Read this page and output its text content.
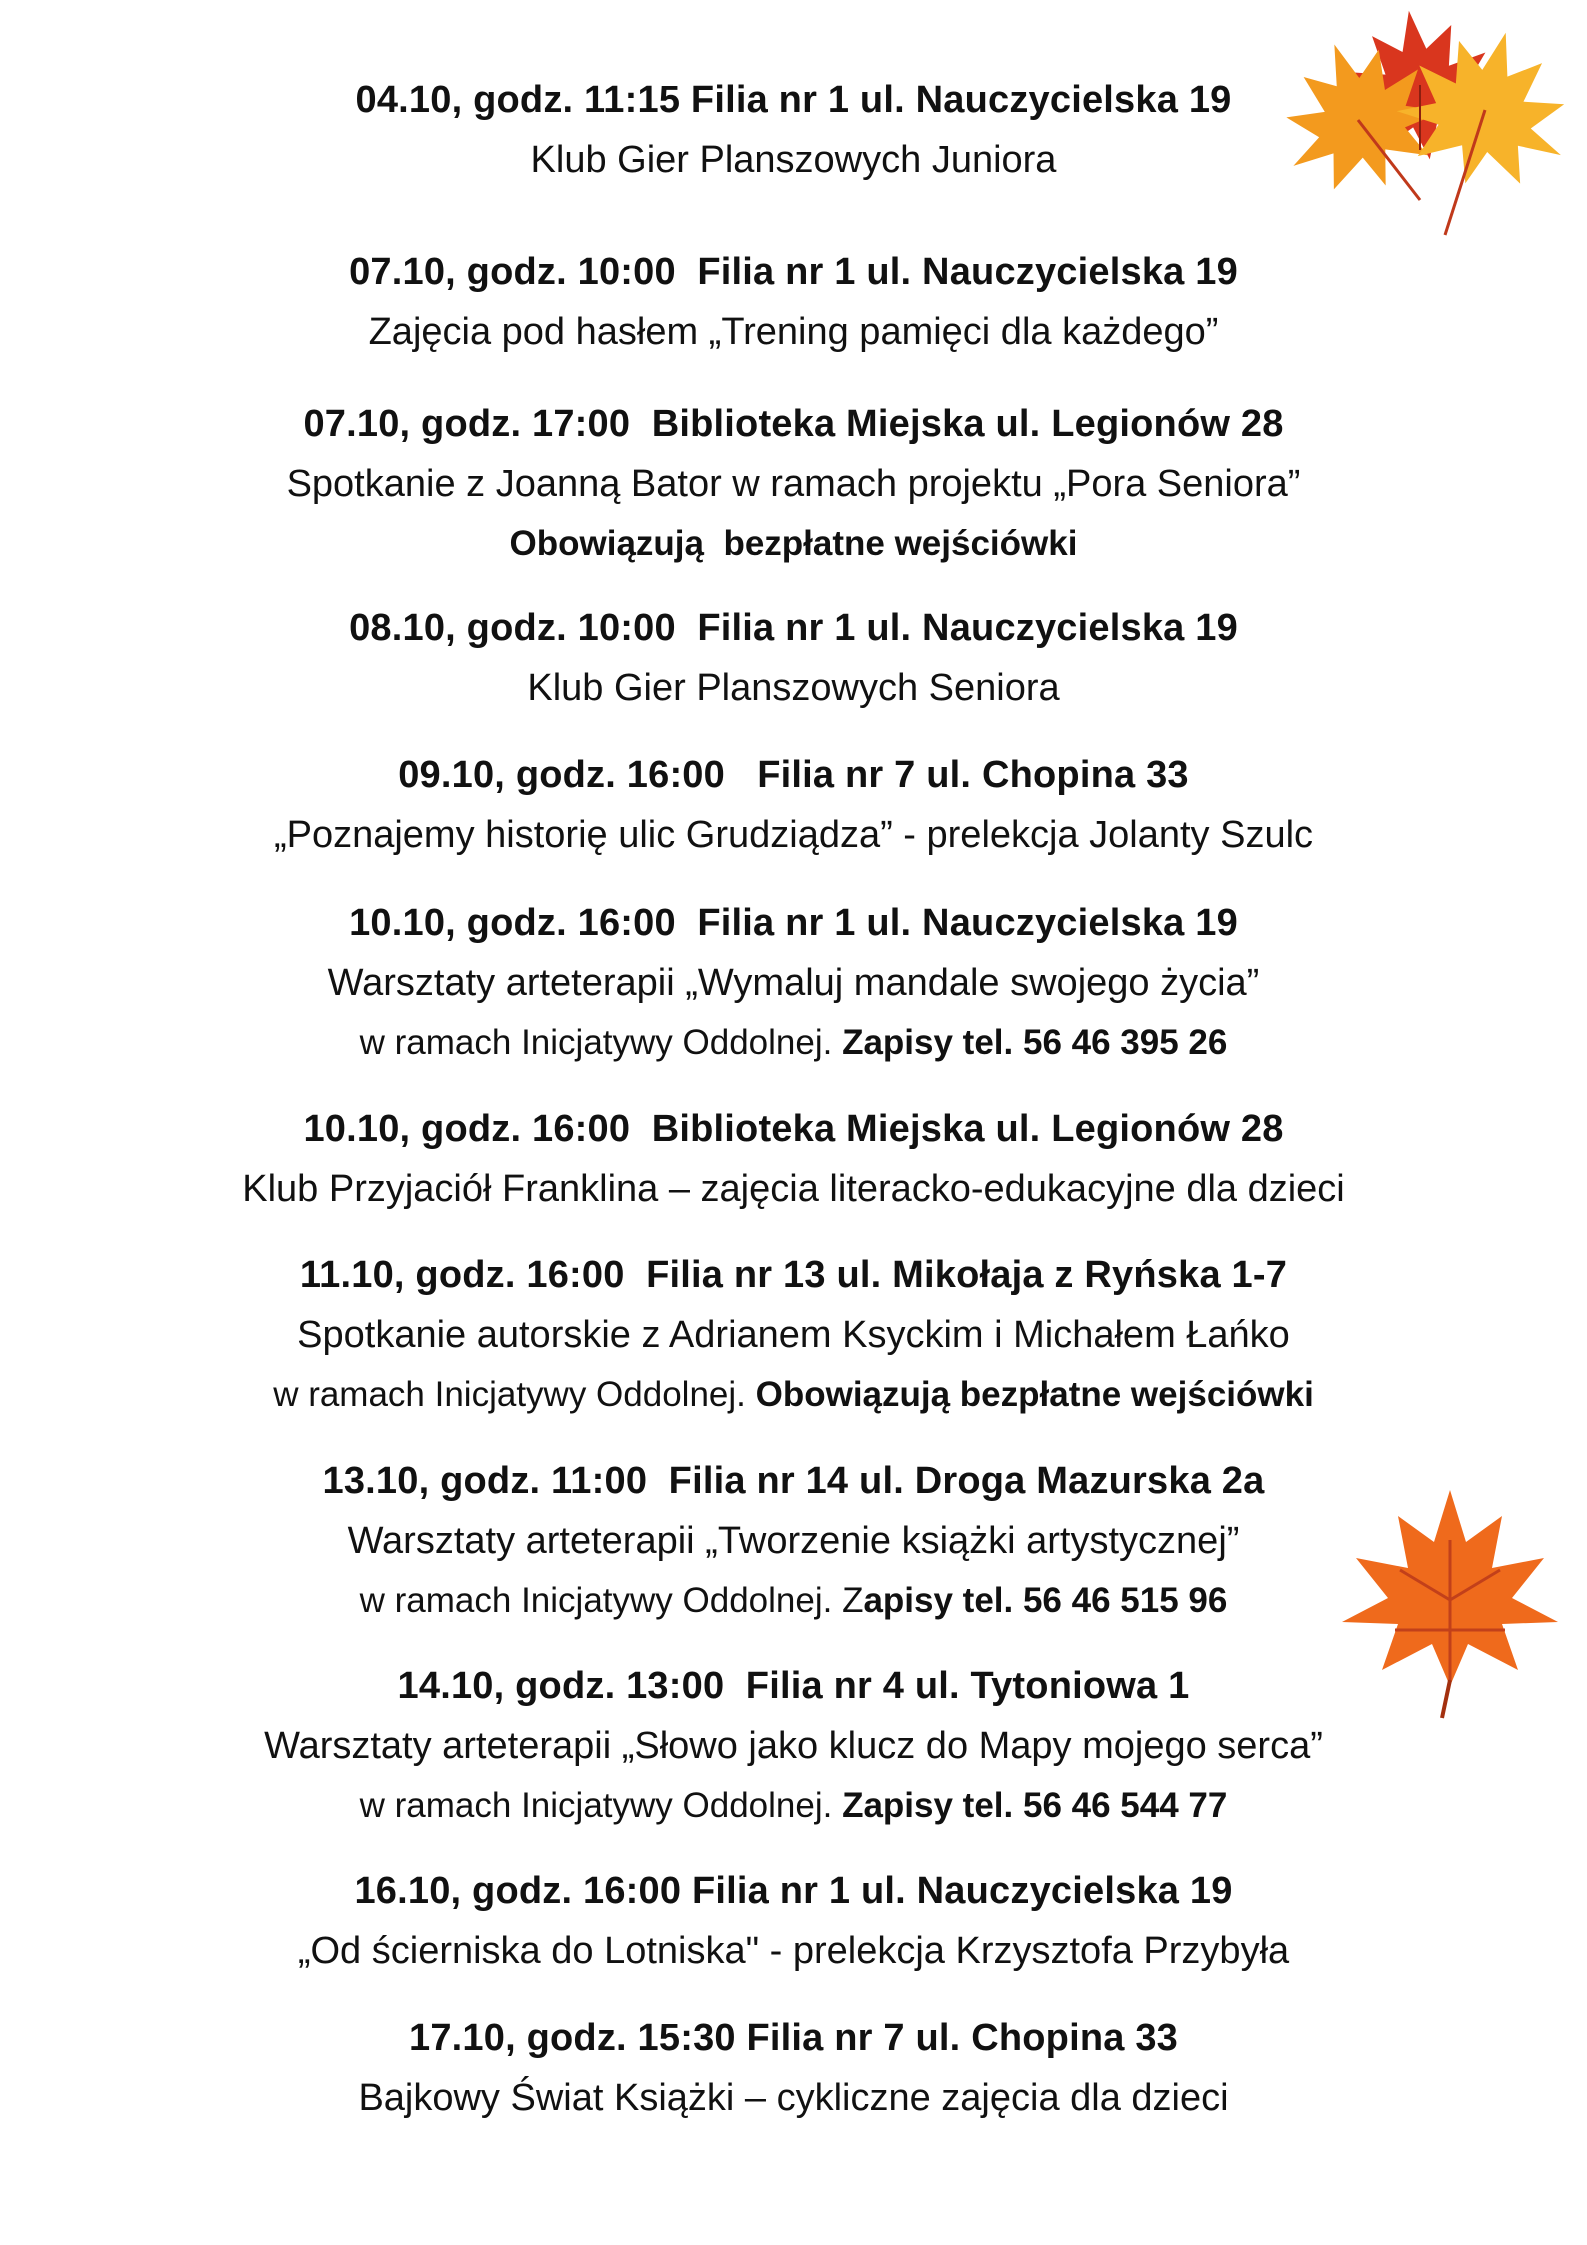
04.10, godz. 11:15 Filia nr 1 ul. Nauczycielska 19
Klub Gier Planszowych Juniora
07.10, godz. 10:00  Filia nr 1 ul. Nauczycielska 19
Zajęcia pod hasłem „Trening pamięci dla każdego”
07.10, godz. 17:00  Biblioteka Miejska ul. Legionów 28
Spotkanie z Joanną Bator w ramach projektu „Pora Seniora”
Obowiązują  bezpłatne wejściówki
08.10, godz. 10:00  Filia nr 1 ul. Nauczycielska 19
Klub Gier Planszowych Seniora
09.10, godz. 16:00   Filia nr 7 ul. Chopina 33
„Poznajemy historię ulic Grudziądza” - prelekcja Jolanty Szulc
10.10, godz. 16:00  Filia nr 1 ul. Nauczycielska 19
Warsztaty arteterapii „Wymaluj mandale swojego życia”
w ramach Inicjatywy Oddolnej. Zapisy tel. 56 46 395 26
10.10, godz. 16:00  Biblioteka Miejska ul. Legionów 28
Klub Przyjaciół Franklina – zajęcia literacko-edukacyjne dla dzieci
11.10, godz. 16:00  Filia nr 13 ul. Mikołaja z Ryńska 1-7
Spotkanie autorskie z Adrianem Ksyckim i Michałem Łańko
w ramach Inicjatywy Oddolnej. Obowiązują bezpłatne wejściówki
13.10, godz. 11:00  Filia nr 14 ul. Droga Mazurska 2a
Warsztaty arteterapii „Tworzenie książki artystycznej”
w ramach Inicjatywy Oddolnej. Zapisy tel. 56 46 515 96
14.10, godz. 13:00  Filia nr 4 ul. Tytoniowa 1
Warsztaty arteterapii „Słowo jako klucz do Mapy mojego serca”
w ramach Inicjatywy Oddolnej. Zapisy tel. 56 46 544 77
16.10, godz. 16:00 Filia nr 1 ul. Nauczycielska 19
„Od ścierniska do Lotniska" - prelekcja Krzysztofa Przybyła
17.10, godz. 15:30 Filia nr 7 ul. Chopina 33
Bajkowy Świat Książki – cykliczne zajęcia dla dzieci
